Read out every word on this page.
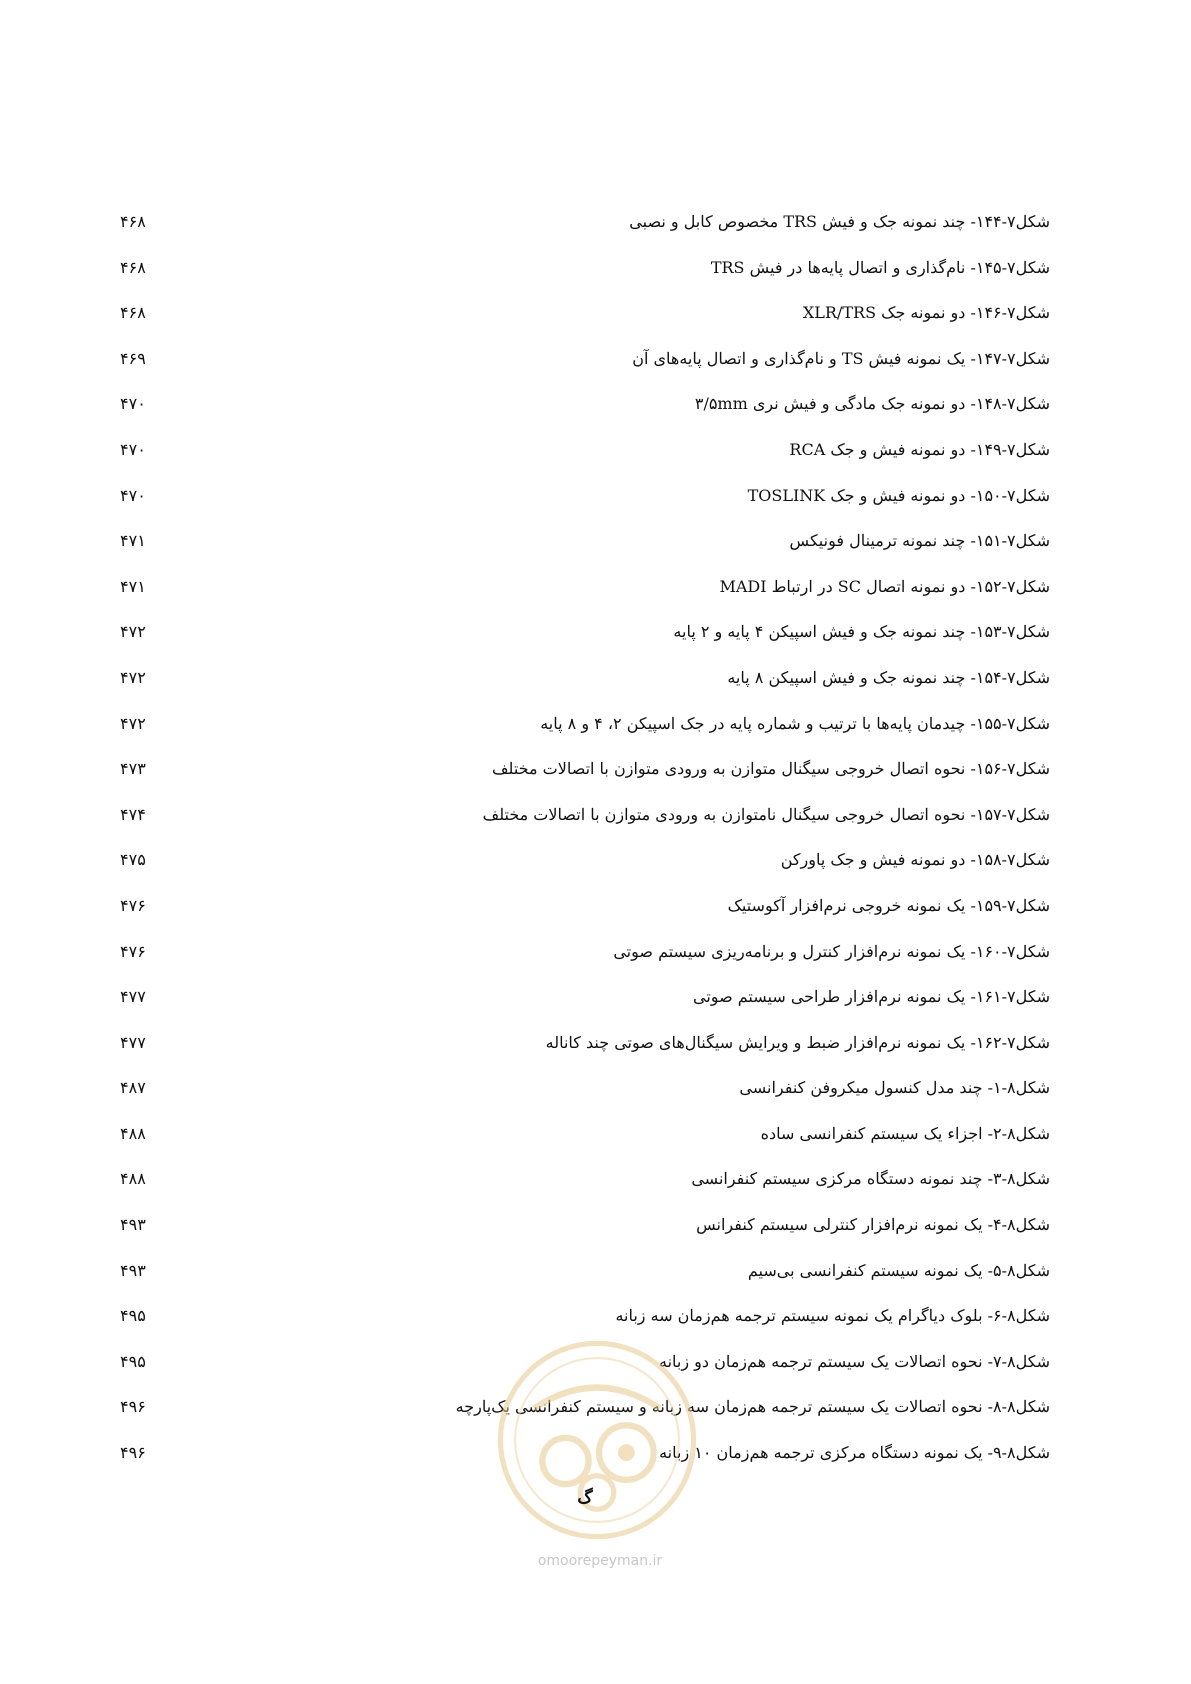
شکل۷-۱۴۴- چند نمونه جک و فیش TRS مخصوص کابل و نصبی
۴۶۸
شکل۷-۱۴۵- نام‌گذاری و اتصال پایه‌ها در فیش TRS
۴۶۸
شکل۷-۱۴۶- دو نمونه جک XLR/TRS
۴۶۸
شکل۷-۱۴۷- یک نمونه فیش TS و نام‌گذاری و اتصال پایه‌های آن
۴۶۹
شکل۷-۱۴۸- دو نمونه جک مادگی و فیش نری ۳/۵mm
۴۷۰
شکل۷-۱۴۹- دو نمونه فیش و جک RCA
۴۷۰
شکل۷-۱۵۰- دو نمونه فیش و جک TOSLINK
۴۷۰
شکل۷-۱۵۱- چند نمونه ترمینال فونیکس
۴۷۱
شکل۷-۱۵۲- دو نمونه اتصال SC در ارتباط MADI
۴۷۱
شکل۷-۱۵۳- چند نمونه جک و فیش اسپیکن ۴ پایه و ۲ پایه
۴۷۲
شکل۷-۱۵۴- چند نمونه جک و فیش اسپیکن ۸ پایه
۴۷۲
شکل۷-۱۵۵- چیدمان پایه‌ها با ترتیب و شماره پایه در جک اسپیکن ۲، ۴ و ۸ پایه
۴۷۲
شکل۷-۱۵۶- نحوه اتصال خروجی سیگنال متوازن به ورودی متوازن با اتصالات مختلف
۴۷۳
شکل۷-۱۵۷- نحوه اتصال خروجی سیگنال نامتوازن به ورودی متوازن با اتصالات مختلف
۴۷۴
شکل۷-۱۵۸- دو نمونه فیش و جک پاورکن
۴۷۵
شکل۷-۱۵۹- یک نمونه خروجی نرم‌افزار آکوستیک
۴۷۶
شکل۷-۱۶۰- یک نمونه نرم‌افزار کنترل و برنامه‌ریزی سیستم صوتی
۴۷۶
شکل۷-۱۶۱- یک نمونه نرم‌افزار طراحی سیستم صوتی
۴۷۷
شکل۷-۱۶۲- یک نمونه نرم‌افزار ضبط و ویرایش سیگنال‌های صوتی چند کاناله
۴۷۷
شکل۸-۱- چند مدل کنسول میکروفن کنفرانسی
۴۸۷
شکل۸-۲- اجزاء یک سیستم کنفرانسی ساده
۴۸۸
شکل۸-۳- چند نمونه دستگاه مرکزی سیستم کنفرانسی
۴۸۸
شکل۸-۴- یک نمونه نرم‌افزار کنترلی سیستم کنفرانس
۴۹۳
شکل۸-۵- یک نمونه سیستم کنفرانسی بی‌سیم
۴۹۳
شکل۸-۶- بلوک دیاگرام یک نمونه سیستم ترجمه هم‌زمان سه زبانه
۴۹۵
شکل۸-۷- نحوه اتصالات یک سیستم ترجمه هم‌زمان دو زبانه
۴۹۵
شکل۸-۸- نحوه اتصالات یک سیستم ترجمه هم‌زمان سه زبانه و سیستم کنفرانسی یک‌پارچه
۴۹۶
شکل۸-۹- یک نمونه دستگاه مرکزی ترجمه هم‌زمان ۱۰ زبانه
۴۹۶
omoorepeyman.ir
گ
